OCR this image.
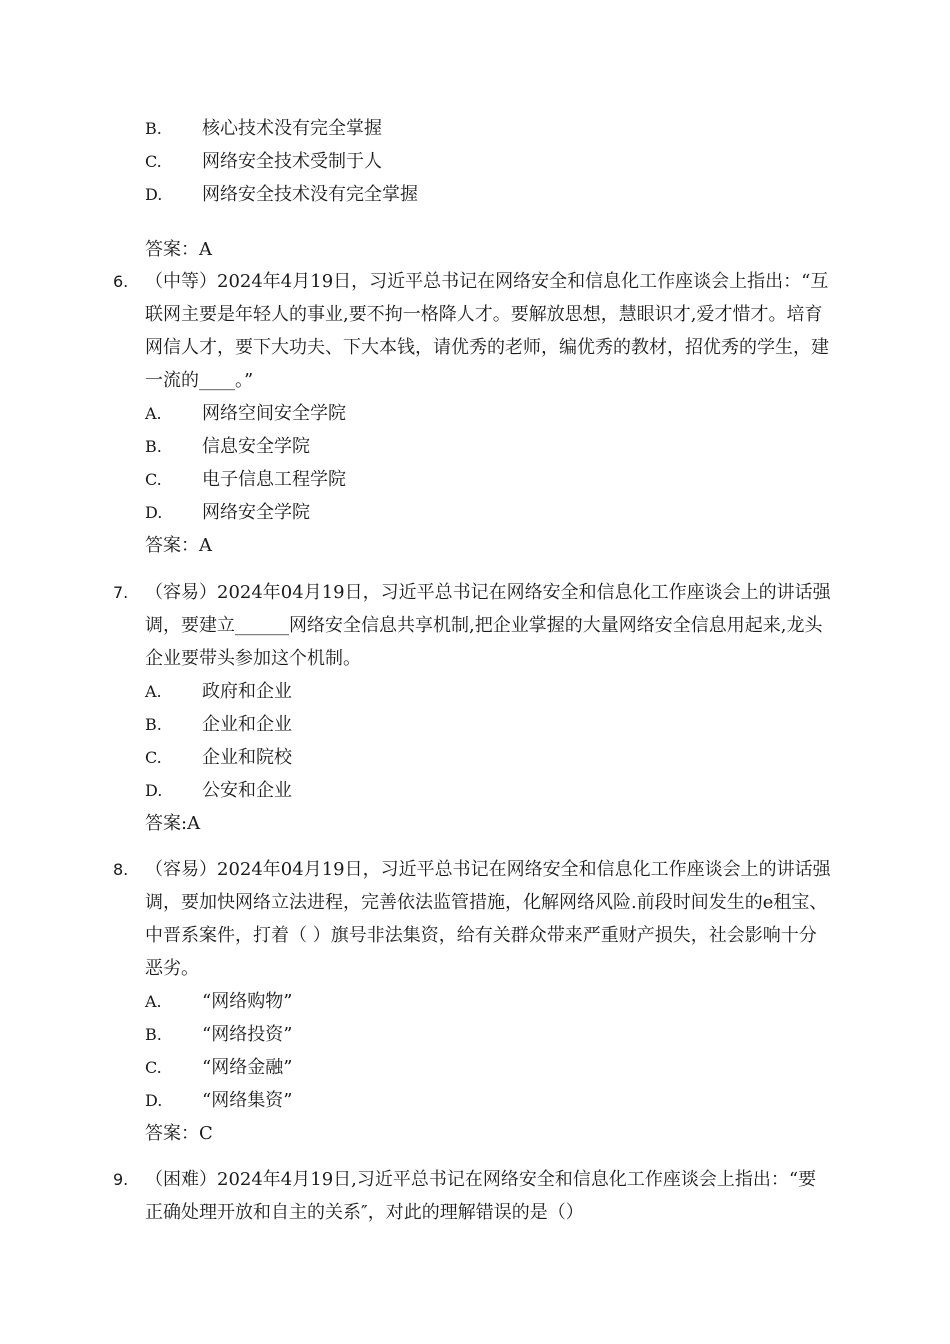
B.	核心技术没有完全掌握
C.	网络安全技术受制于人
D.	网络安全技术没有完全掌握
答案：A
6. （中等）2024年4月19日，习近平总书记在网络安全和信息化工作座谈会上指出：“互联网主要是年轻人的事业,要不拘一格降人才。要解放思想，慧眼识才,爱才惜才。培育网信人才，要下大功夫、下大本钱，请优秀的老师，编优秀的教材，招优秀的学生，建一流的____。”
A.	网络空间安全学院
B.	信息安全学院
C.	电子信息工程学院
D.	网络安全学院
答案：A
7. （容易）2024年04月19日，习近平总书记在网络安全和信息化工作座谈会上的讲话强调，要建立______网络安全信息共享机制,把企业掌握的大量网络安全信息用起来,龙头企业要带头参加这个机制。
A.	政府和企业
B.	企业和企业
C.	企业和院校
D.	公安和企业
答案:A
8. （容易）2024年04月19日，习近平总书记在网络安全和信息化工作座谈会上的讲话强调，要加快网络立法进程，完善依法监管措施，化解网络风险.前段时间发生的e租宝、中晋系案件，打着（ ）旗号非法集资，给有关群众带来严重财产损失，社会影响十分恶劣。
A.	“网络购物”
B.	“网络投资”
C.	“网络金融”
D.	“网络集资”
答案：C
9. （困难）2024年4月19日,习近平总书记在网络安全和信息化工作座谈会上指出：“要正确处理开放和自主的关系″，对此的理解错误的是（）
